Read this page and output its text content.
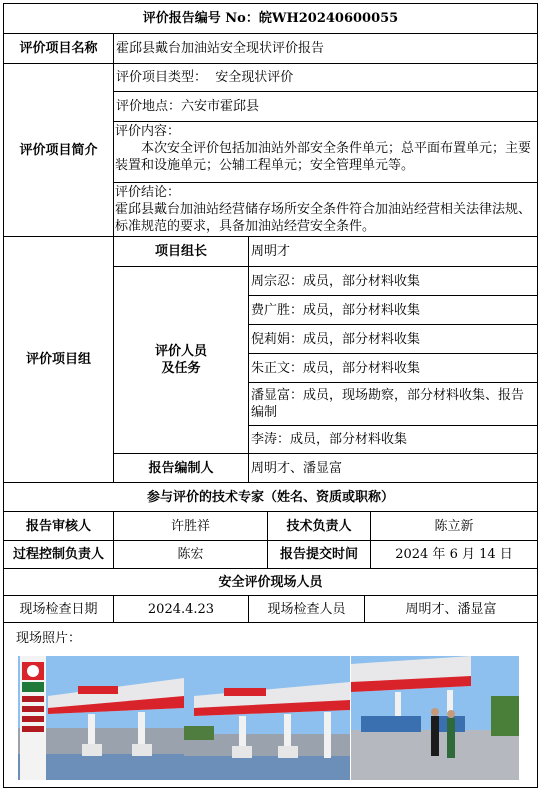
评价报告编号 No： 皖WH20240600055
评价项目名称	霍邱县戴台加油站安全现状评价报告
评价项目简介
评价项目类型：
安全现状评价
评价地点： 六安市霍邱县
评价内容：
本次安全评价包括加油站外部安全条件单元；总平面布置单元；主要装置和设施单元；公辅工程单元；安全管理单元等。
评价结论：
霍邱县戴台加油站经营储存场所安全条件符合加油站经营相关法律法规、标准规范的要求，具备加油站经营安全条件。
评价项目组
项目组长	周明才
评价人员
及任务
周宗忍：成员，部分材料收集
费广胜：成员，部分材料收集
倪莉娟：成员，部分材料收集
朱正文：成员，部分材料收集
潘显富：成员，现场勘察，部分材料收集、报告编制
李涛：成员，部分材料收集
报告编制人	周明才、潘显富
参与评价的技术专家（姓名、资质或职称）
报告审核人	许胜祥	技术负责人	陈立新
过程控制负责人	陈宏	报告提交时间	2024 年 6 月 14 日
安全评价现场人员
现场检查日期	2024.4.23	现场检查人员	周明才、潘显富
现场照片：
